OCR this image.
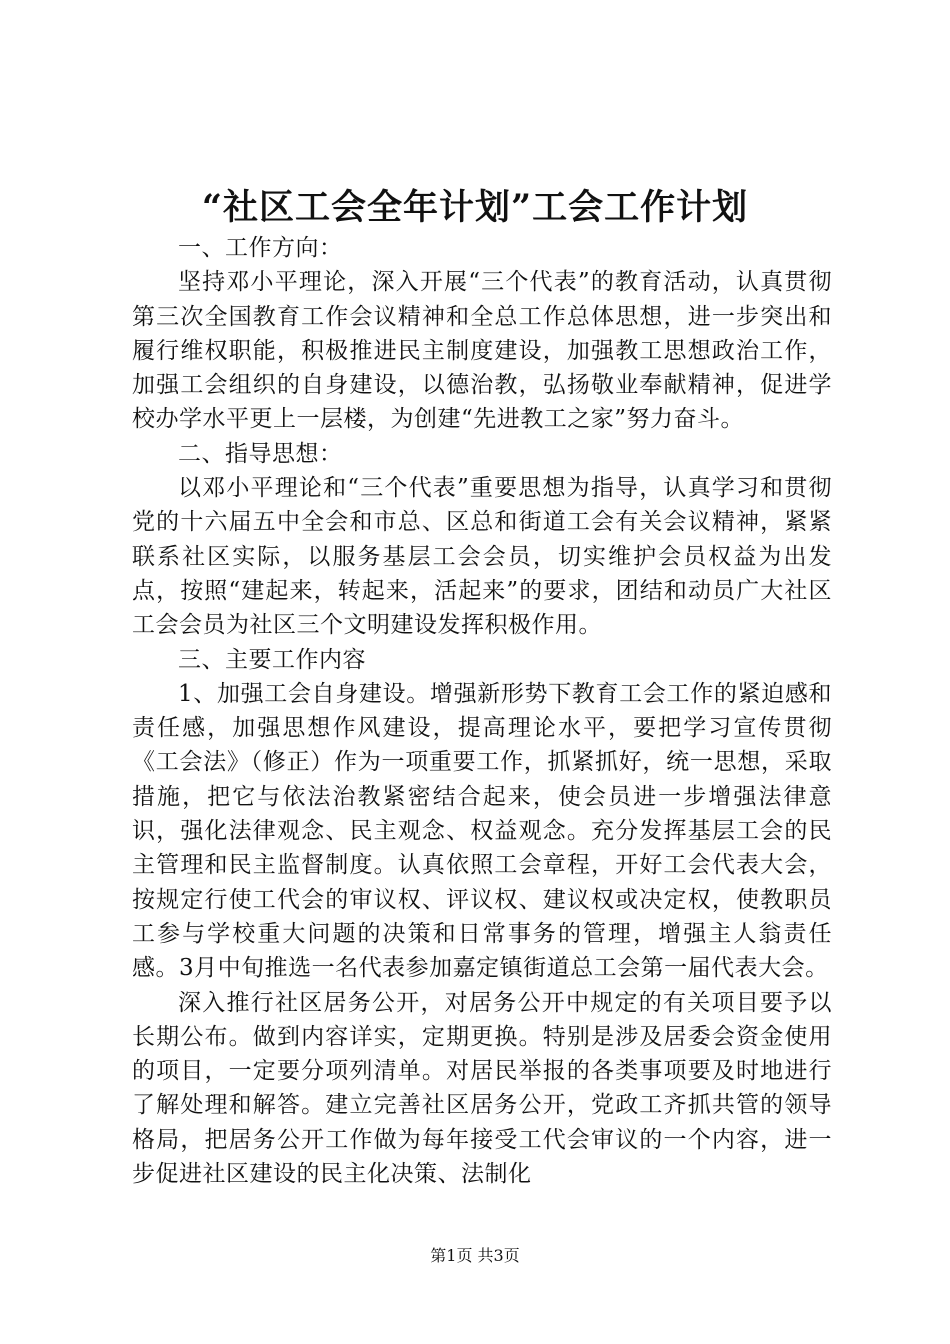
“社区工会全年计划”工会工作计划

一、工作方向：

坚持邓小平理论，深入开展“三个代表”的教育活动，认真贯彻第三次全国教育工作会议精神和全总工作总体思想，进一步突出和履行维权职能，积极推进民主制度建设，加强教工思想政治工作，加强工会组织的自身建设，以德治教，弘扬敬业奉献精神，促进学校办学水平更上一层楼，为创建“先进教工之家”努力奋斗。

二、指导思想：

以邓小平理论和“三个代表”重要思想为指导，认真学习和贯彻党的十六届五中全会和市总、区总和街道工会有关会议精神，紧紧联系社区实际，以服务基层工会会员，切实维护会员权益为出发点，按照“建起来，转起来，活起来”的要求，团结和动员广大社区工会会员为社区三个文明建设发挥积极作用。

三、主要工作内容

1、加强工会自身建设。增强新形势下教育工会工作的紧迫感和责任感，加强思想作风建设，提高理论水平，要把学习宣传贯彻《工会法》（修正）作为一项重要工作，抓紧抓好，统一思想，采取措施，把它与依法治教紧密结合起来，使会员进一步增强法律意识，强化法律观念、民主观念、权益观念。充分发挥基层工会的民主管理和民主监督制度。认真依照工会章程，开好工会代表大会，按规定行使工代会的审议权、评议权、建议权或决定权，使教职员工参与学校重大问题的决策和日常事务的管理，增强主人翁责任感。3月中旬推选一名代表参加嘉定镇街道总工会第一届代表大会。

深入推行社区居务公开，对居务公开中规定的有关项目要予以长期公布。做到内容详实，定期更换。特别是涉及居委会资金使用的项目，一定要分项列清单。对居民举报的各类事项要及时地进行了解处理和解答。建立完善社区居务公开，党政工齐抓共管的领导格局，把居务公开工作做为每年接受工代会审议的一个内容，进一步促进社区建设的民主化决策、法制化

第1页 共3页
